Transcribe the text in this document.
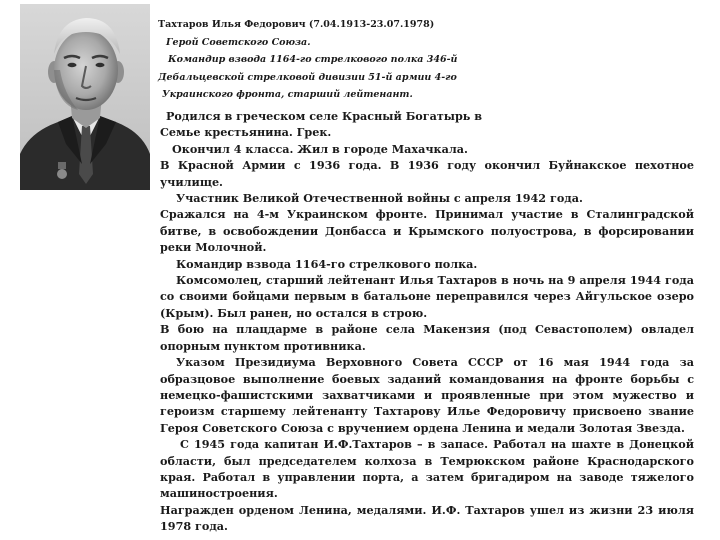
Тахтаров Илья Федорович (7.04.1913-23.07.1978)
Герой Советского Союза.
Командир взвода 1164-го стрелкового полка 346-й
Дебальцевской стрелковой дивизии 51-й армии 4-го
Украинского фронта, старший лейтенант.

Родился в греческом селе Красный Богатырь в

Семье крестьянина. Грек.

Окончил 4 класса. Жил в городе Махачкала.

В Красной Армии с 1936 года. В 1936 году окончил Буйнакское пехотное училище.

Участник Великой Отечественной войны с апреля 1942 года.

Сражался на 4-м Украинском фронте. Принимал участие в Сталинградской битве, в освобождении Донбасса и Крымского полуострова, в форсировании реки Молочной.

Командир взвода 1164-го стрелкового полка.

Комсомолец, старший лейтенант Илья Тахтаров в ночь на 9 апреля 1944 года со своими бойцами первым в батальоне переправился через Айгульское озеро (Крым). Был ранен, но остался в строю.

В бою на плацдарме в районе села Макензия (под Севастополем) овладел опорным пунктом противника.

Указом Президиума Верховного Совета СССР от 16 мая 1944 года за образцовое выполнение боевых заданий командования на фронте борьбы с немецко-фашистскими захватчиками и проявленные при этом мужество и героизм старшему лейтенанту Тахтарову Илье Федоровичу присвоено звание Героя Советского Союза с вручением ордена Ленина и медали Золотая Звезда.

С 1945 года капитан И.Ф.Тахтаров – в запасе. Работал на шахте в Донецкой области, был председателем колхоза в Темрюкском районе Краснодарского края. Работал в управлении порта, а затем бригадиром на заводе тяжелого машиностроения.

Награжден орденом Ленина, медалями. И.Ф. Тахтаров ушел из жизни 23 июля 1978 года.
